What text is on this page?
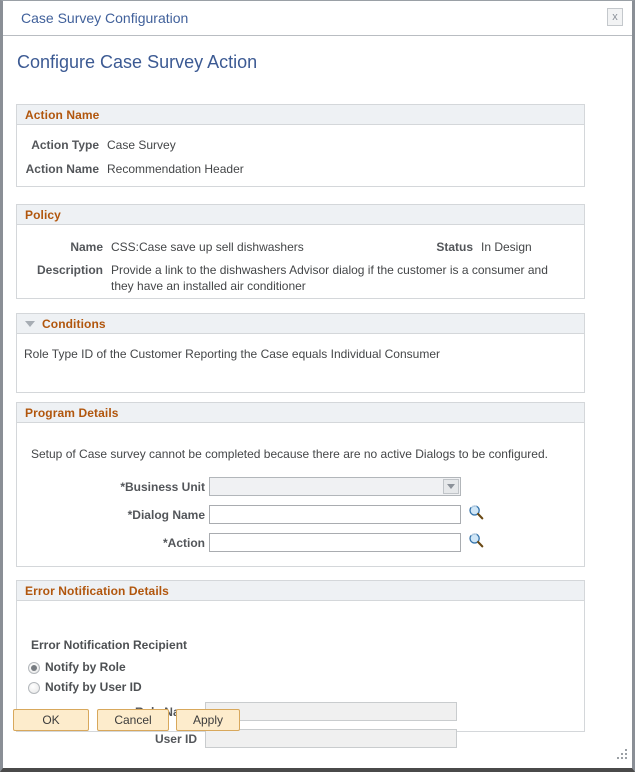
Case Survey Configuration	x
Configure Case Survey Action
Action Name
Action Type Case Survey
Action Name Recommendation Header
Policy
Name CSS:Case save up sell dishwashers	Status In Design
Description Provide a link to the dishwashers Advisor dialog if the customer is a consumer and they have an installed air conditioner
Conditions
Role Type ID of the Customer Reporting the Case equals Individual Consumer
Program Details
Setup of Case survey cannot be completed because there are no active Dialogs to be configured.
*Business Unit
*Dialog Name
*Action
Error Notification Details
Error Notification Recipient
Notify by Role
Notify by User ID
User ID
OK	Cancel	Apply
